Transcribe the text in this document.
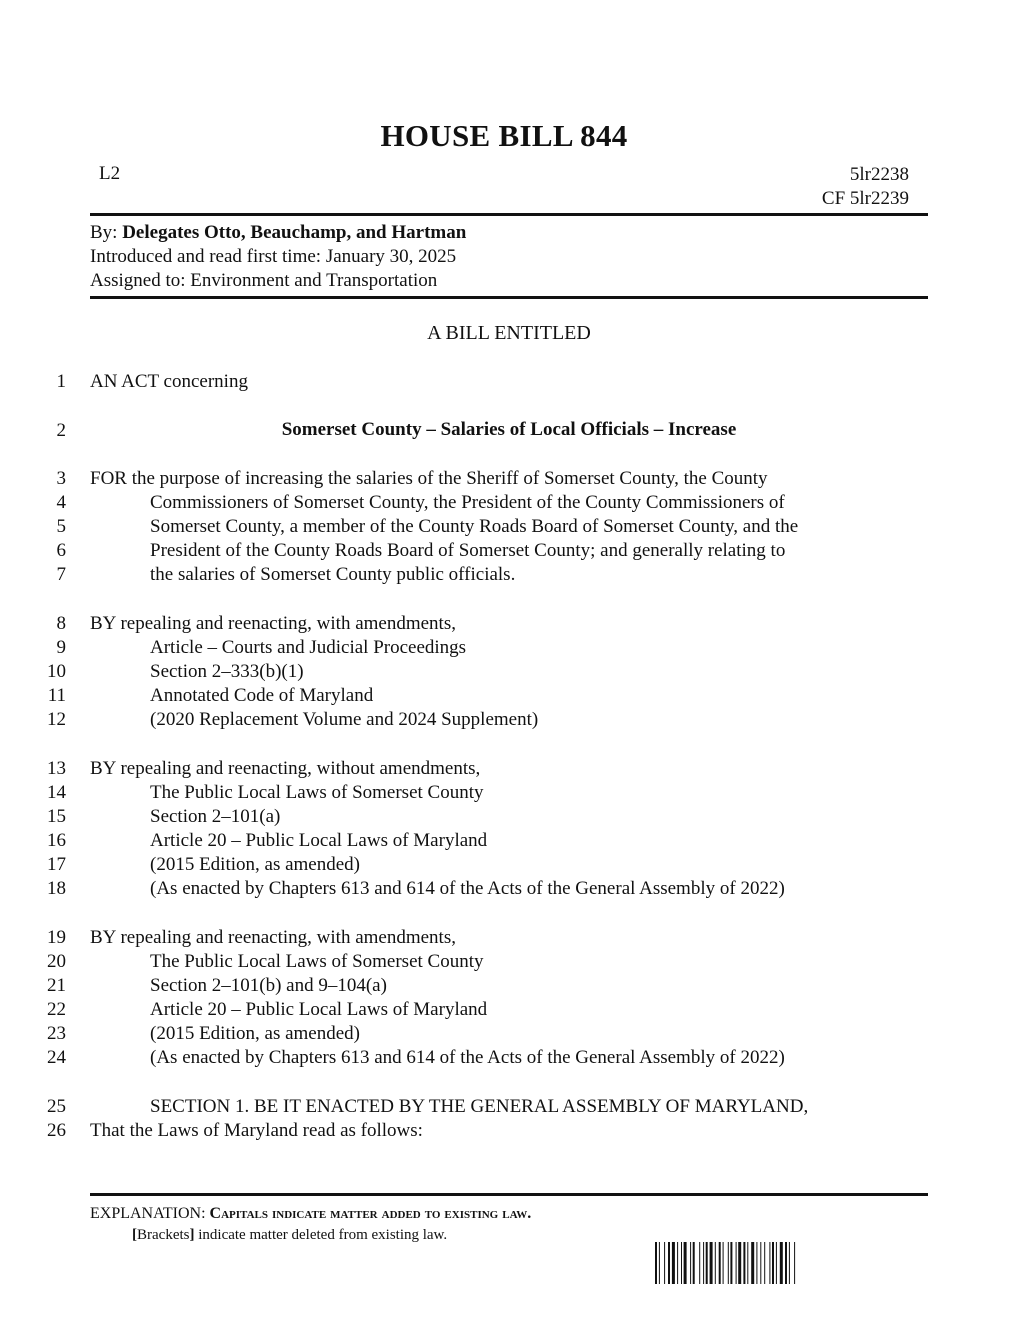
HOUSE BILL 844
L2	5lr2238
CF 5lr2239
By: Delegates Otto, Beauchamp, and Hartman
Introduced and read first time: January 30, 2025
Assigned to: Environment and Transportation
A BILL ENTITLED
1 AN ACT concerning
2	Somerset County – Salaries of Local Officials – Increase
3 FOR the purpose of increasing the salaries of the Sheriff of Somerset County, the County
4	Commissioners of Somerset County, the President of the County Commissioners of
5	Somerset County, a member of the County Roads Board of Somerset County, and the
6	President of the County Roads Board of Somerset County; and generally relating to
7	the salaries of Somerset County public officials.
8 BY repealing and reenacting, with amendments,
9	Article – Courts and Judicial Proceedings
10	Section 2–333(b)(1)
11	Annotated Code of Maryland
12	(2020 Replacement Volume and 2024 Supplement)
13 BY repealing and reenacting, without amendments,
14	The Public Local Laws of Somerset County
15	Section 2–101(a)
16	Article 20 – Public Local Laws of Maryland
17	(2015 Edition, as amended)
18	(As enacted by Chapters 613 and 614 of the Acts of the General Assembly of 2022)
19 BY repealing and reenacting, with amendments,
20	The Public Local Laws of Somerset County
21	Section 2–101(b) and 9–104(a)
22	Article 20 – Public Local Laws of Maryland
23	(2015 Edition, as amended)
24	(As enacted by Chapters 613 and 614 of the Acts of the General Assembly of 2022)
25	SECTION 1. BE IT ENACTED BY THE GENERAL ASSEMBLY OF MARYLAND,
26 That the Laws of Maryland read as follows:
EXPLANATION: Capitals indicate matter added to existing law.
[Brackets] indicate matter deleted from existing law.
